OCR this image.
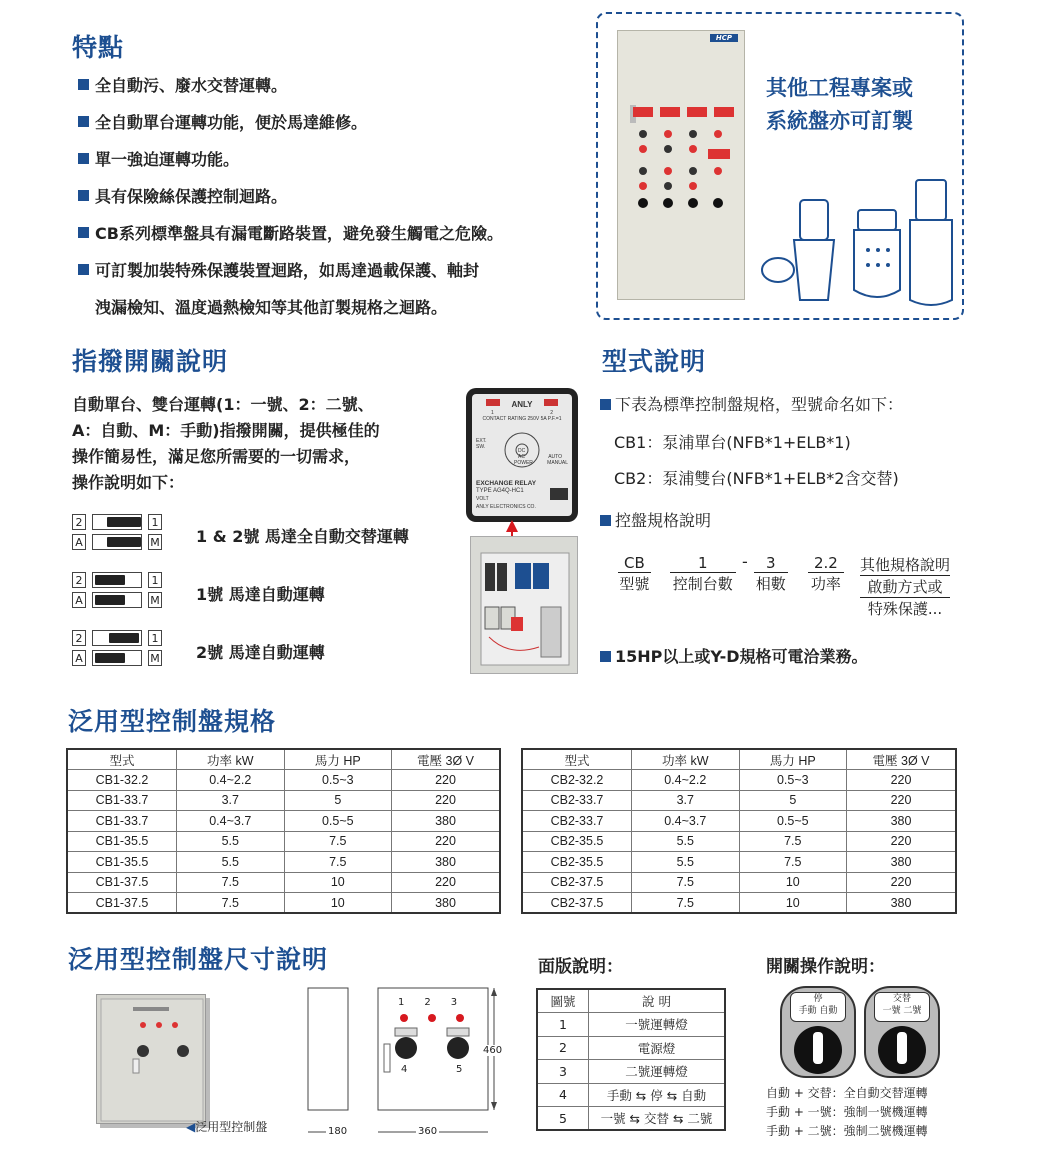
特點
全自動污、廢水交替運轉。
全自動單台運轉功能，便於馬達維修。
單一強迫運轉功能。
具有保險絲保護控制迴路。
CB系列標準盤具有漏電斷路裝置，避免發生觸電之危險。
可訂製加裝特殊保護裝置迴路，如馬達過載保護、軸封
洩漏檢知、溫度過熱檢知等其他訂製規格之迴路。
HCP
其他工程專案或
系統盤亦可訂製
指撥開關說明
自動單台、雙台運轉(1：一號、2：二號、
A：自動、M：手動)指撥開關，提供極佳的
操作簡易性，滿足您所需要的一切需求，
操作說明如下：
2	1
A	M 1 & 2號 馬達全自動交替運轉
2	1
A	M 1號 馬達自動運轉
2	1
A	M 2號 馬達自動運轉
ANLY
1	2
CONTACT RATING 250V 5A P.F.=1
EXT.
SW.
DC
AC
POWER
AUTO
MANUAL
EXCHANGE RELAY
TYPE AG4Q-HC1
VOLT
ANLY ELECTRONICS CO.
型式說明
下表為標準控制盤規格，型號命名如下：
CB1：泵浦單台(NFB*1+ELB*1)
CB2：泵浦雙台(NFB*1+ELB*2含交替)
控盤規格說明
CB
型號
1
控制台數
-	3
相數
2.2
功率
其他規格說明
啟動方式或
特殊保護...
15HP以上或Y-D規格可電洽業務。
泛用型控制盤規格
型式	功率 kW	馬力 HP	電壓 3Ø V
CB1-32.2	0.4~2.2	0.5~3	220
CB1-33.7	3.7	5	220
CB1-33.7	0.4~3.7	0.5~5	380
CB1-35.5	5.5	7.5	220
CB1-35.5	5.5	7.5	380
CB1-37.5	7.5	10	220
CB1-37.5	7.5	10	380
型式	功率 kW	馬力 HP	電壓 3Ø V
CB2-32.2	0.4~2.2	0.5~3	220
CB2-33.7	3.7	5	220
CB2-33.7	0.4~3.7	0.5~5	380
CB2-35.5	5.5	7.5	220
CB2-35.5	5.5	7.5	380
CB2-37.5	7.5	10	220
CB2-37.5	7.5	10	380
泛用型控制盤尺寸說明
◀泛用型控制盤
1 2 3
4	5
460
180	360
面版說明：
圖號	說 明
1	一號運轉燈
2	電源燈
3	二號運轉燈
4	手動 ⇆ 停 ⇆ 自動
5	一號 ⇆ 交替 ⇆ 二號
開關操作說明：
停
手動 自動
交替
一號 二號
自動 + 交替：全自動交替運轉
手動 + 一號：強制一號機運轉
手動 + 二號：強制二號機運轉
